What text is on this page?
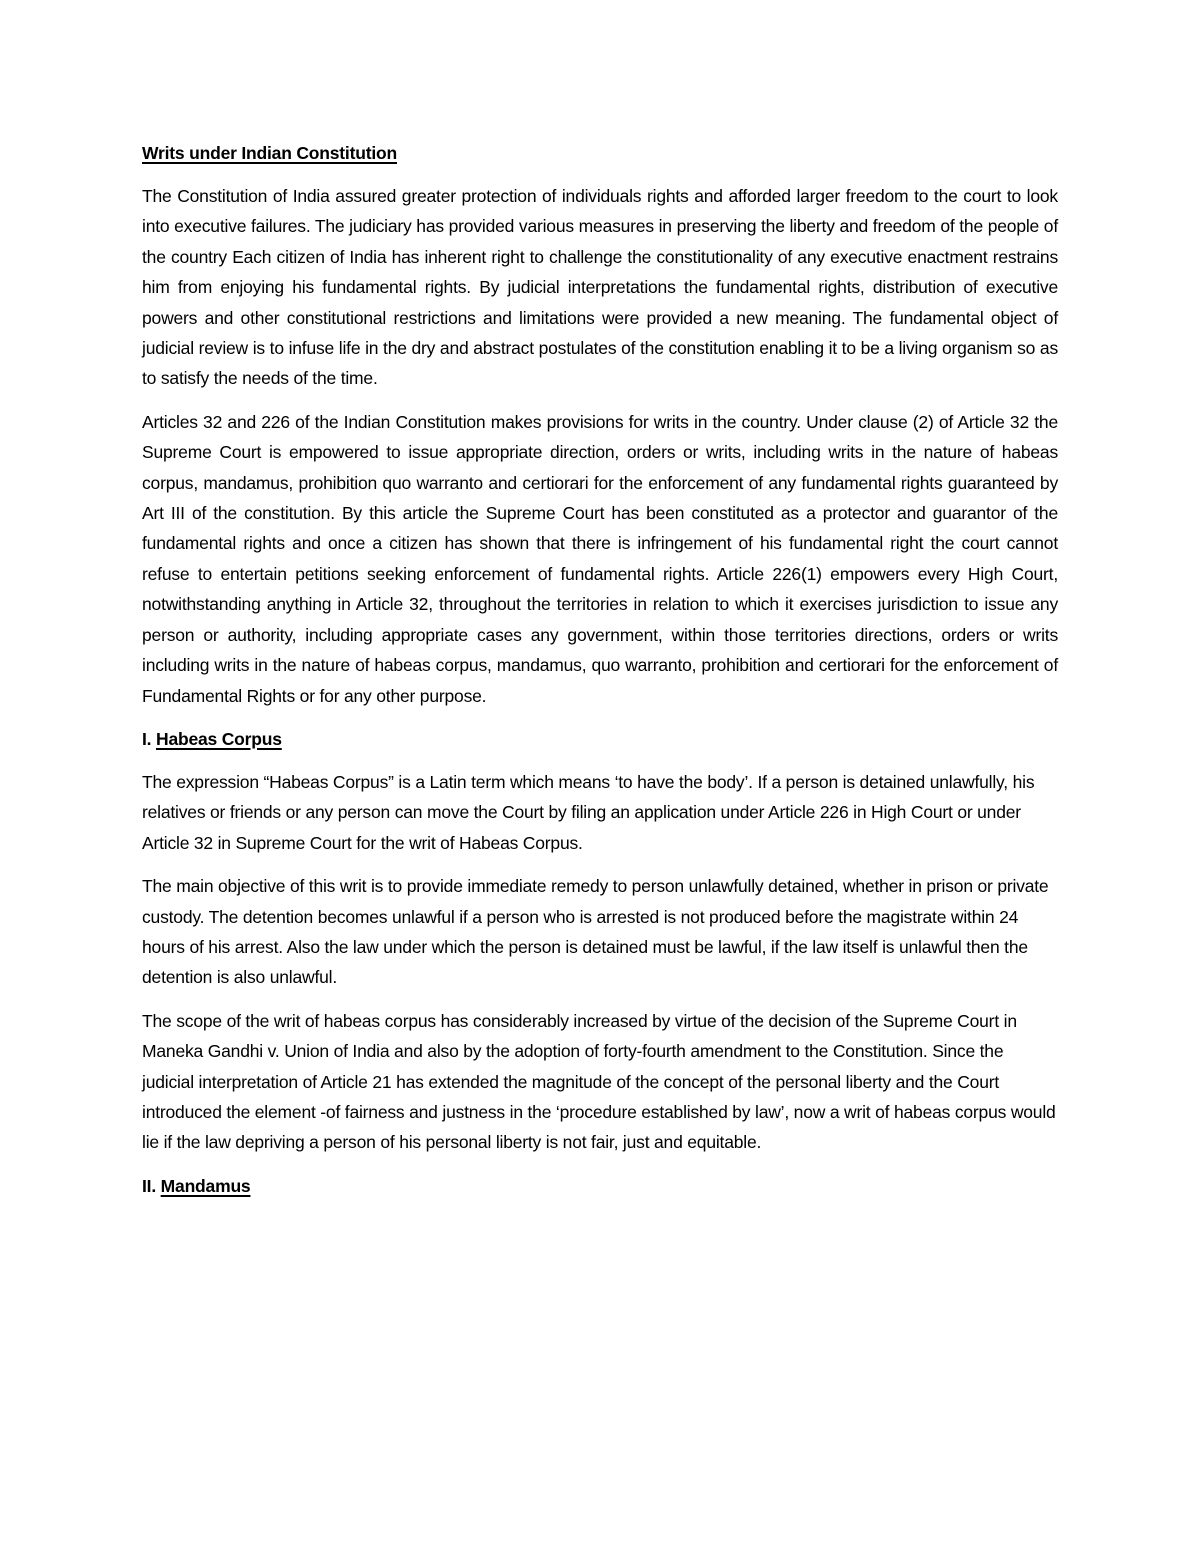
Writs under Indian Constitution

The Constitution of India assured greater protection of individuals rights and afforded larger freedom to the court to look into executive failures. The judiciary has provided various measures in preserving the liberty and freedom of the people of the country Each citizen of India has inherent right to challenge the constitutionality of any executive enactment restrains him from enjoying his fundamental rights. By judicial interpretations the fundamental rights, distribution of executive powers and other constitutional restrictions and limitations were provided a new meaning. The fundamental object of judicial review is to infuse life in the dry and abstract postulates of the constitution enabling it to be a living organism so as to satisfy the needs of the time.

Articles 32 and 226 of the Indian Constitution makes provisions for writs in the country. Under clause (2) of Article 32 the Supreme Court is empowered to issue appropriate direction, orders or writs, including writs in the nature of habeas corpus, mandamus, prohibition quo warranto and certiorari for the enforcement of any fundamental rights guaranteed by Art III of the constitution. By this article the Supreme Court has been constituted as a protector and guarantor of the fundamental rights and once a citizen has shown that there is infringement of his fundamental right the court cannot refuse to entertain petitions seeking enforcement of fundamental rights. Article 226(1) empowers every High Court, notwithstanding anything in Article 32, throughout the territories in relation to which it exercises jurisdiction to issue any person or authority, including appropriate cases any government, within those territories directions, orders or writs including writs in the nature of habeas corpus, mandamus, quo warranto, prohibition and certiorari for the enforcement of Fundamental Rights or for any other purpose.

I. Habeas Corpus

The expression “Habeas Corpus” is a Latin term which means ‘to have the body’. If a person is detained unlawfully, his relatives or friends or any person can move the Court by filing an application under Article 226 in High Court or under Article 32 in Supreme Court for the writ of Habeas Corpus.

The main objective of this writ is to provide immediate remedy to person unlawfully detained, whether in prison or private custody. The detention becomes unlawful if a person who is arrested is not produced before the magistrate within 24 hours of his arrest. Also the law under which the person is detained must be lawful, if the law itself is unlawful then the detention is also unlawful.

The scope of the writ of habeas corpus has considerably increased by virtue of the decision of the Supreme Court in Maneka Gandhi v. Union of India and also by the adoption of forty-fourth amendment to the Constitution. Since the judicial interpretation of Article 21 has extended the magnitude of the concept of the personal liberty and the Court introduced the element -of fairness and justness in the ‘procedure established by law’, now a writ of habeas corpus would lie if the law depriving a person of his personal liberty is not fair, just and equitable.

II. Mandamus
